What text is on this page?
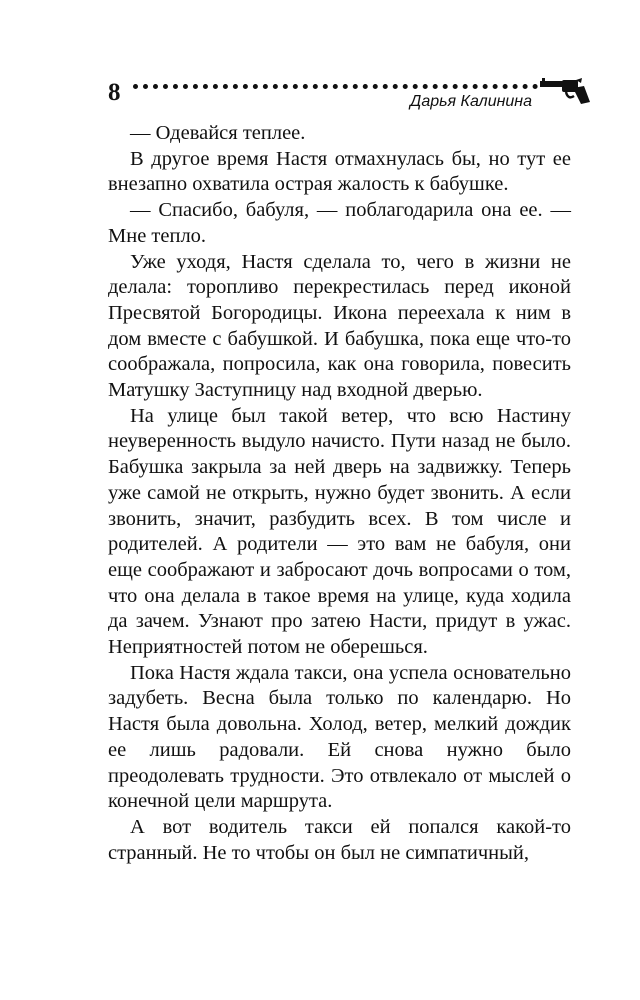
8	Дарья Калинина

— Одевайся теплее.

В другое время Настя отмахнулась бы, но тут ее внезапно охватила острая жалость к бабушке.

— Спасибо, бабуля, — поблагодарила она ее. — Мне тепло.

Уже уходя, Настя сделала то, чего в жизни не делала: торопливо перекрестилась перед иконой Пресвятой Богородицы. Икона переехала к ним в дом вместе с бабушкой. И бабушка, пока еще что-то соображала, попросила, как она говорила, повесить Матушку Заступницу над входной дверью.

На улице был такой ветер, что всю Настину неуверенность выдуло начисто. Пути назад не было. Бабушка закрыла за ней дверь на задвижку. Теперь уже самой не открыть, нужно будет звонить. А если звонить, значит, разбудить всех. В том числе и родителей. А родители — это вам не бабуля, они еще соображают и забросают дочь вопросами о том, что она делала в такое время на улице, куда ходила да зачем. Узнают про затею Насти, придут в ужас. Неприятностей потом не оберешься.

Пока Настя ждала такси, она успела основательно задубеть. Весна была только по календарю. Но Настя была довольна. Холод, ветер, мелкий дождик ее лишь радовали. Ей снова нужно было преодолевать трудности. Это отвлекало от мыслей о конечной цели маршрута.

А вот водитель такси ей попался какой-то странный. Не то чтобы он был не симпатичный,
